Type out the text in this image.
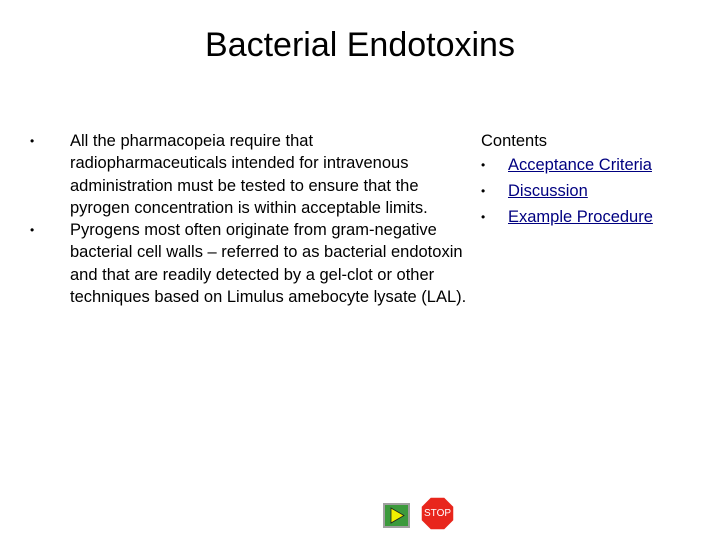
Bacterial Endotoxins
•	All the pharmacopeia require that radiopharmaceuticals intended for intravenous administration must be tested to ensure that the pyrogen concentration is within acceptable limits.
•	Pyrogens most often originate from gram-negative bacterial cell walls – referred to as bacterial endotoxin and that are readily detected by a gel-clot or other techniques based on Limulus amebocyte lysate (LAL).
Contents
•	Acceptance Criteria
•	Discussion
•	Example Procedure
STOP
